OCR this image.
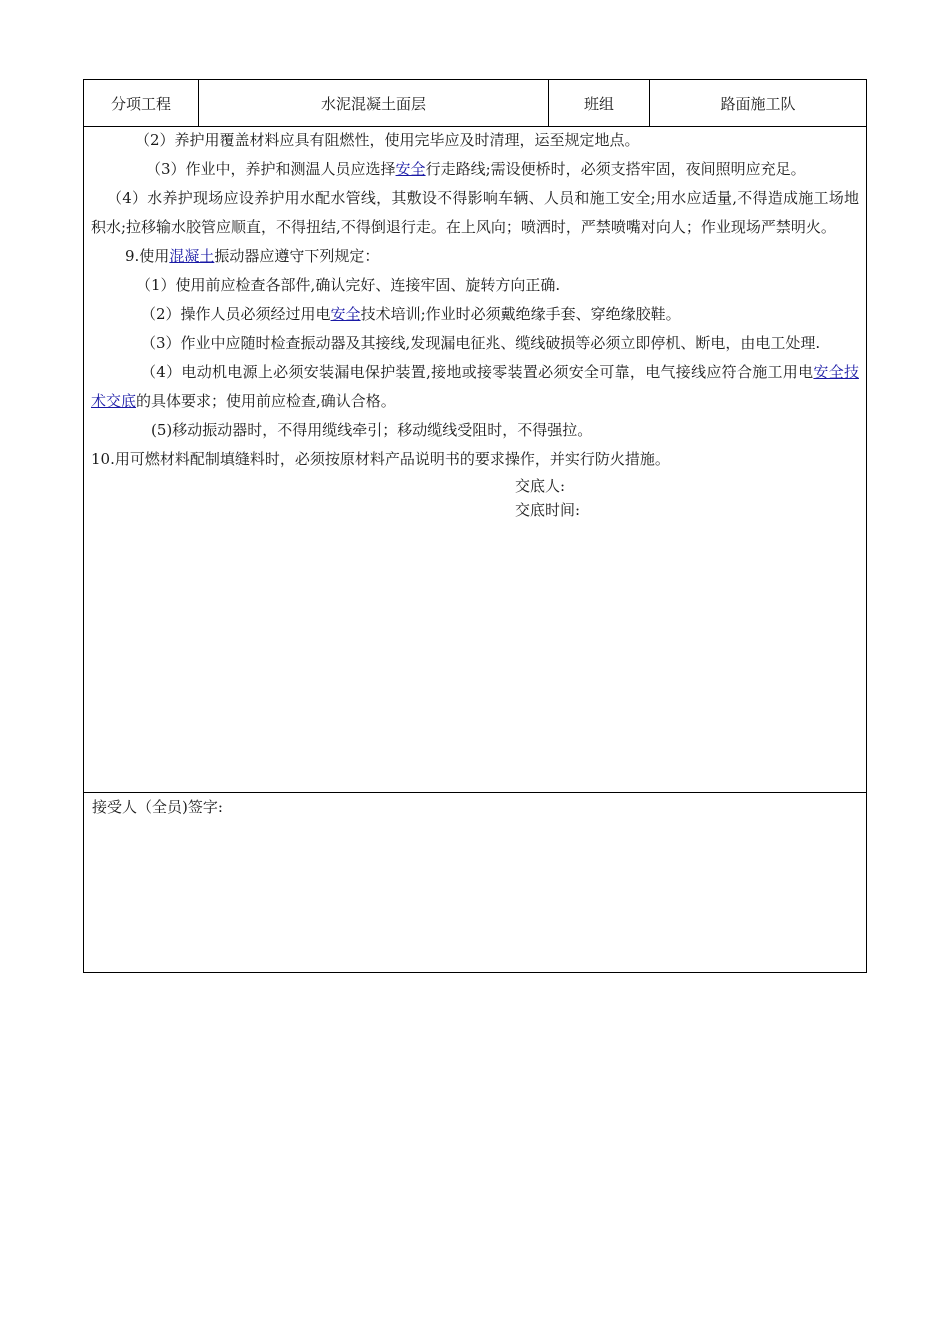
分项工程	水泥混凝土面层	班组	路面施工队

（2）养护用覆盖材料应具有阻燃性，使用完毕应及时清理，运至规定地点。

（3）作业中，养护和测温人员应选择安全行走路线;需设便桥时，必须支搭牢固，夜间照明应充足。

（4）水养护现场应设养护用水配水管线，其敷设不得影响车辆、人员和施工安全;用水应适量,不得造成施工场地积水;拉移输水胶管应顺直，不得扭结,不得倒退行走。在上风向；喷洒时，严禁喷嘴对向人；作业现场严禁明火。

9.使用混凝土振动器应遵守下列规定：

（1）使用前应检查各部件,确认完好、连接牢固、旋转方向正确.

（2）操作人员必须经过用电安全技术培训;作业时必须戴绝缘手套、穿绝缘胶鞋。

（3）作业中应随时检查振动器及其接线,发现漏电征兆、缆线破损等必须立即停机、断电，由电工处理.

（4）电动机电源上必须安装漏电保护装置,接地或接零装置必须安全可靠，电气接线应符合施工用电安全技术交底的具体要求；使用前应检查,确认合格。

(5)移动振动器时，不得用缆线牵引；移动缆线受阻时，不得强拉。

10.用可燃材料配制填缝料时，必须按原材料产品说明书的要求操作，并实行防火措施。

交底人:

交底时间:

接受人（全员)签字:
